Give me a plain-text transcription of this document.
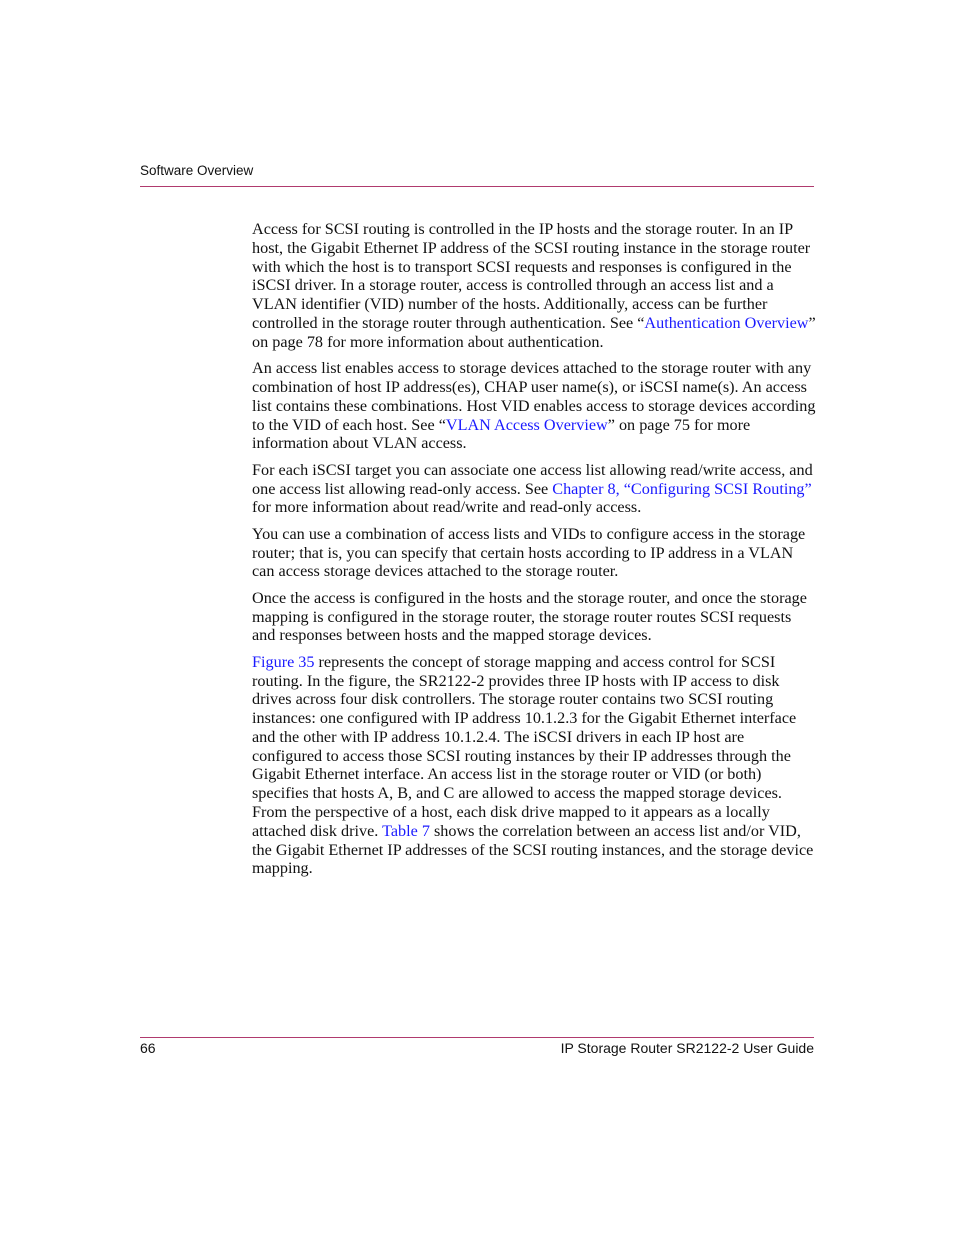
Software Overview

Access for SCSI routing is controlled in the IP hosts and the storage router. In an IP host, the Gigabit Ethernet IP address of the SCSI routing instance in the storage router with which the host is to transport SCSI requests and responses is configured in the iSCSI driver. In a storage router, access is controlled through an access list and a VLAN identifier (VID) number of the hosts. Additionally, access can be further controlled in the storage router through authentication. See “Authentication Overview” on page 78 for more information about authentication.

An access list enables access to storage devices attached to the storage router with any combination of host IP address(es), CHAP user name(s), or iSCSI name(s). An access list contains these combinations. Host VID enables access to storage devices according to the VID of each host. See “VLAN Access Overview” on page 75 for more information about VLAN access.

For each iSCSI target you can associate one access list allowing read/write access, and one access list allowing read-only access. See Chapter 8, “Configuring SCSI Routing” for more information about read/write and read-only access.

You can use a combination of access lists and VIDs to configure access in the storage router; that is, you can specify that certain hosts according to IP address in a VLAN can access storage devices attached to the storage router.

Once the access is configured in the hosts and the storage router, and once the storage mapping is configured in the storage router, the storage router routes SCSI requests and responses between hosts and the mapped storage devices.

Figure 35 represents the concept of storage mapping and access control for SCSI routing. In the figure, the SR2122-2 provides three IP hosts with IP access to disk drives across four disk controllers. The storage router contains two SCSI routing instances: one configured with IP address 10.1.2.3 for the Gigabit Ethernet interface and the other with IP address 10.1.2.4. The iSCSI drivers in each IP host are configured to access those SCSI routing instances by their IP addresses through the Gigabit Ethernet interface. An access list in the storage router or VID (or both) specifies that hosts A, B, and C are allowed to access the mapped storage devices. From the perspective of a host, each disk drive mapped to it appears as a locally attached disk drive. Table 7 shows the correlation between an access list and/or VID, the Gigabit Ethernet IP addresses of the SCSI routing instances, and the storage device mapping.

66	IP Storage Router SR2122-2 User Guide
